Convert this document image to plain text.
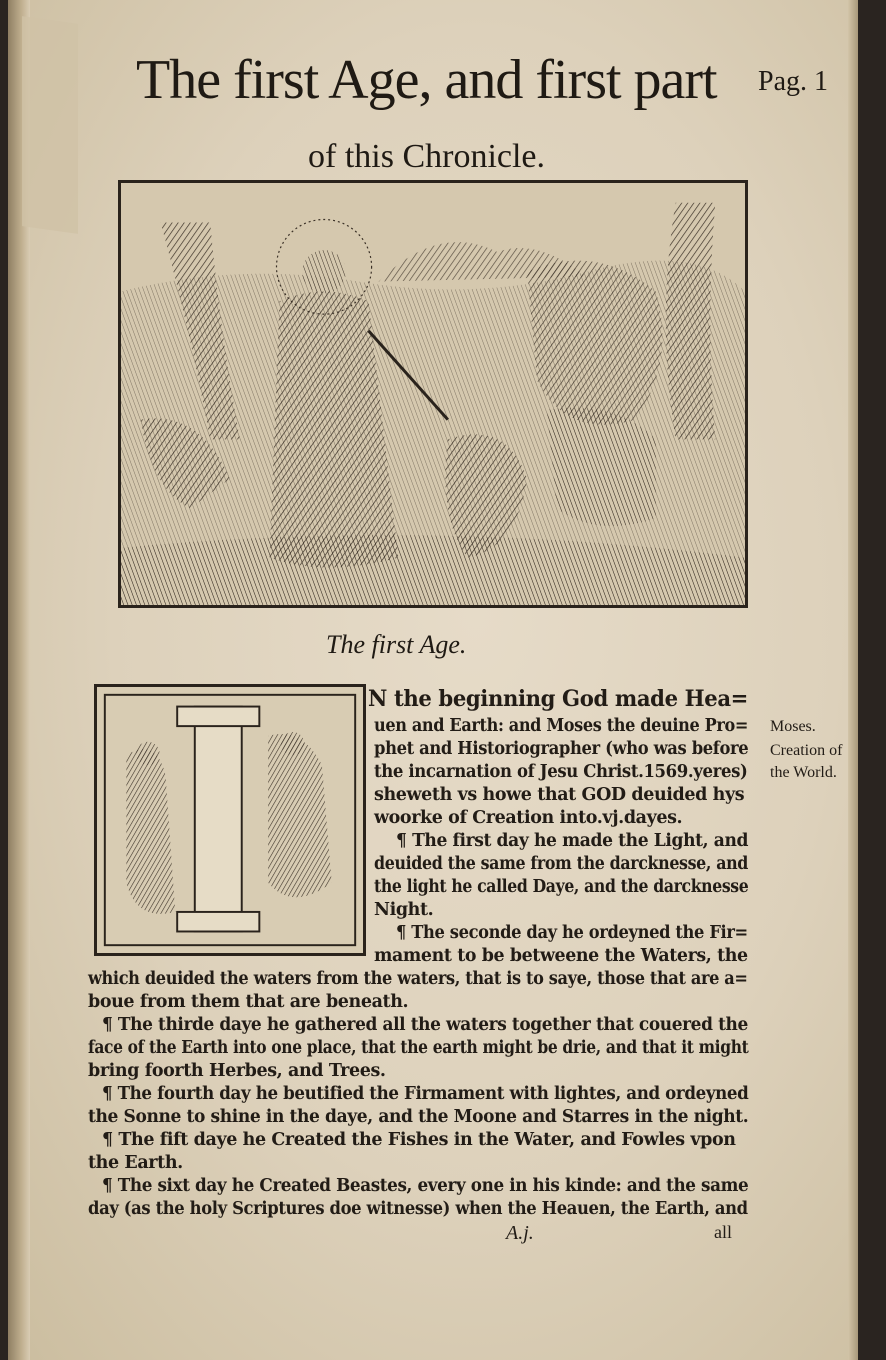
The first Age, and first part
of this Chronicle.
Pag. 1
The first Age.
N the beginning God made Hea=
uen and Earth: and Moses the deuine Pro=
phet and Historiographer (who was before
the incarnation of Jesu Christ.1569.yeres)
sheweth vs howe that GOD deuided hys
woorke of Creation into.vj.dayes.
¶ The first day he made the Light, and
deuided the same from the darcknesse, and
the light he called Daye, and the darcknesse
Night.
¶ The seconde day he ordeyned the Fir=
mament to be betweene the Waters, the
which deuided the waters from the waters, that is to saye, those that are a=
boue from them that are beneath.
¶ The thirde daye he gathered all the waters together that couered the
face of the Earth into one place, that the earth might be drie, and that it might
bring foorth Herbes, and Trees.
¶ The fourth day he beutified the Firmament with lightes, and ordeyned
the Sonne to shine in the daye, and the Moone and Starres in the night.
¶ The fift daye he Created the Fishes in the Water, and Fowles vpon
the Earth.
¶ The sixt day he Created Beastes, every one in his kinde: and the same
day (as the holy Scriptures doe witnesse) when the Heauen, the Earth, and
Moses.
Creation of
the World.
A.j.	all
